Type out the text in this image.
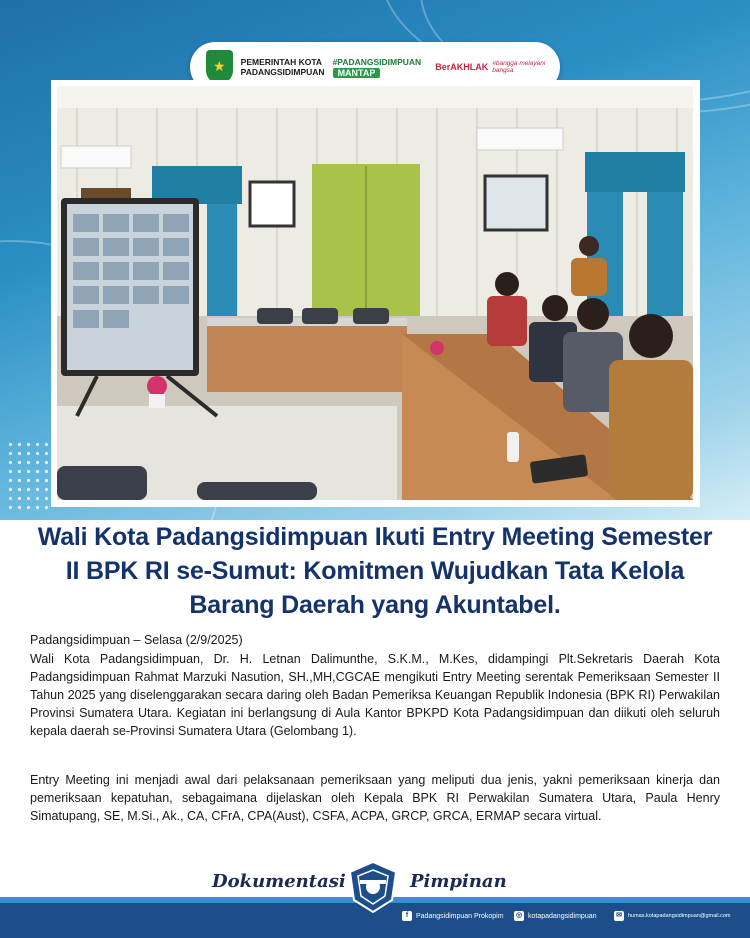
★	PEMERINTAH KOTA PADANGSIDIMPUAN
#PADANGSIDIMPUAN
MANTAP
BerAKHLAK #bangga melayani bangsa
Wali Kota Padangsidimpuan Ikuti Entry Meeting Semester II BPK RI se-Sumut: Komitmen Wujudkan Tata Kelola Barang Daerah yang Akuntabel.

Padangsidimpuan – Selasa (2/9/2025)

Wali Kota Padangsidimpuan, Dr. H. Letnan Dalimunthe, S.K.M., M.Kes, didampingi Plt.Sekretaris Daerah Kota Padangsidimpuan Rahmat Marzuki Nasution, SH.,MH,CGCAE mengikuti Entry Meeting serentak Pemeriksaan Semester II Tahun 2025 yang diselenggarakan secara daring oleh Badan Pemeriksa Keuangan Republik Indonesia (BPK RI) Perwakilan Provinsi Sumatera Utara. Kegiatan ini berlangsung di Aula Kantor BPKPD Kota Padangsidimpuan dan diikuti oleh seluruh kepala daerah se-Provinsi Sumatera Utara (Gelombang 1).

Entry Meeting ini menjadi awal dari pelaksanaan pemeriksaan yang meliputi dua jenis, yakni pemeriksaan kinerja dan pemeriksaan kepatuhan, sebagaimana dijelaskan oleh Kepala BPK RI Perwakilan Sumatera Utara, Paula Henry Simatupang, SE, M.Si., Ak., CA, CFrA, CPA(Aust), CSFA, ACPA, GRCP, GRCA, ERMAP secara virtual.

Dokumentasi	Pimpinan
f	Padangsidimpuan Prokopim ◎ kotapadangsidimpuan	✉	humas.kotapadangsidimpuan@gmail.com
